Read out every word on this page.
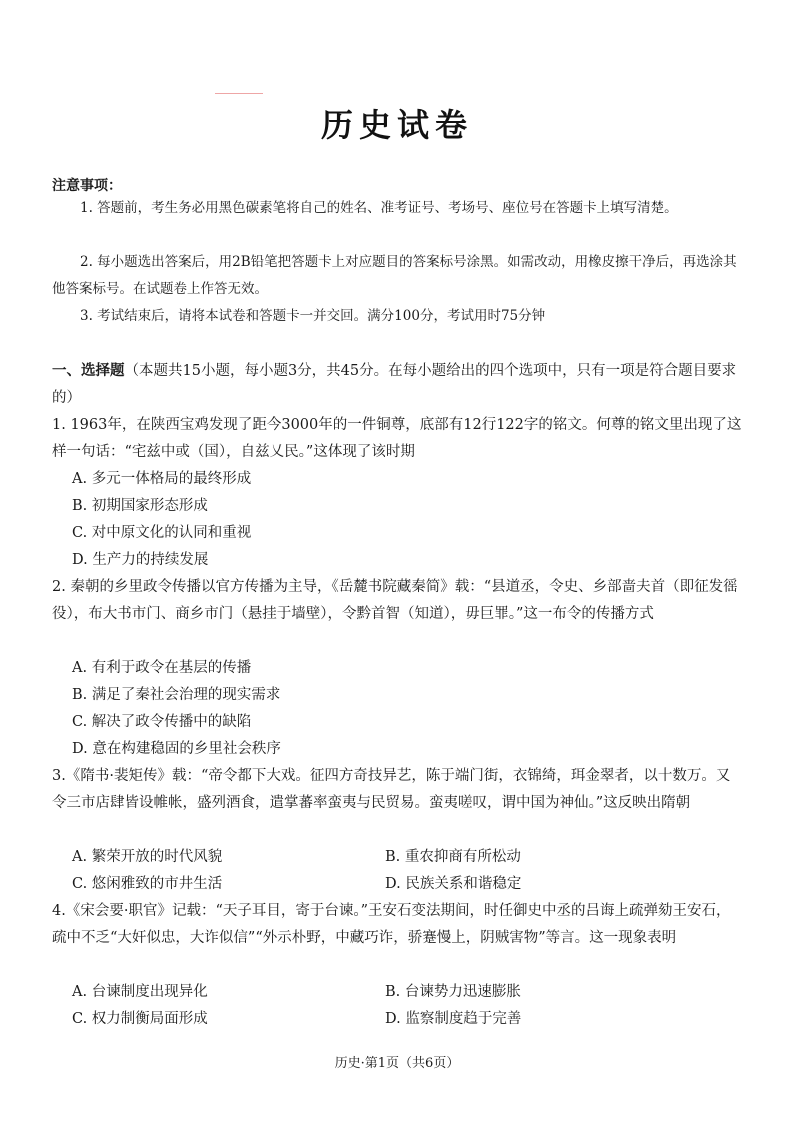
历史试卷
注意事项：
1. 答题前，考生务必用黑色碳素笔将自己的姓名、准考证号、考场号、座位号在答题卡上填写清楚。
2. 每小题选出答案后，用2B铅笔把答题卡上对应题目的答案标号涂黑。如需改动，用橡皮擦干净后，再选涂其他答案标号。在试题卷上作答无效。
3. 考试结束后，请将本试卷和答题卡一并交回。满分100分，考试用时75分钟
一、选择题（本题共15小题，每小题3分，共45分。在每小题给出的四个选项中，只有一项是符合题目要求的）
1. 1963年，在陕西宝鸡发现了距今3000年的一件铜尊，底部有12行122字的铭文。何尊的铭文里出现了这样一句话：“宅兹中或（国），自兹乂民。”这体现了该时期
A. 多元一体格局的最终形成
B. 初期国家形态形成
C. 对中原文化的认同和重视
D. 生产力的持续发展
2. 秦朝的乡里政令传播以官方传播为主导，《岳麓书院藏秦简》载：“县道丞，令史、乡部啬夫首（即征发徭役），布大书市门、商乡市门（悬挂于墙壁），令黔首智（知道），毋巨罪。”这一布令的传播方式
A. 有利于政令在基层的传播
B. 满足了秦社会治理的现实需求
C. 解决了政令传播中的缺陷
D. 意在构建稳固的乡里社会秩序
3.《隋书·裴矩传》载：“帝令都下大戏。征四方奇技异艺，陈于端门街，衣锦绮，珥金翠者，以十数万。又令三市店肆皆设帷帐，盛列酒食，遣掌蕃率蛮夷与民贸易。蛮夷嗟叹，谓中国为神仙。”这反映出隋朝
A. 繁荣开放的时代风貌	B. 重农抑商有所松动
C. 悠闲雅致的市井生活	D. 民族关系和谐稳定
4.《宋会要·职官》记载：“天子耳目，寄于台谏。”王安石变法期间，时任御史中丞的吕诲上疏弹劾王安石，疏中不乏“大奸似忠，大诈似信”“外示朴野，中藏巧诈，骄蹇慢上，阴贼害物”等言。这一现象表明
A. 台谏制度出现异化	B. 台谏势力迅速膨胀
C. 权力制衡局面形成	D. 监察制度趋于完善
历史·第1页（共6页）
